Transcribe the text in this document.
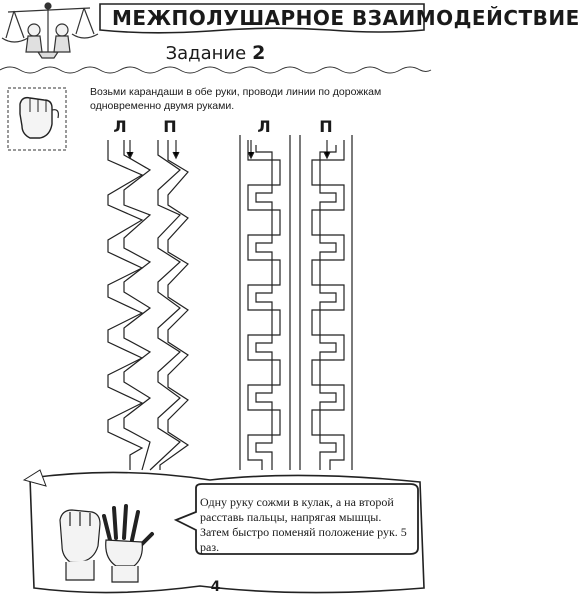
МЕЖПОЛУШАРНОЕ ВЗАИМОДЕЙСТВИЕ
Задание 2
Возьми карандаши в обе руки, проводи линии по дорожкам одновременно двумя руками.
Л П	Л	П
Одну руку сожми в кулак, а на второй расставь пальцы, напрягая мышцы. Затем быстро поменяй положение рук. 5 раз.
4
